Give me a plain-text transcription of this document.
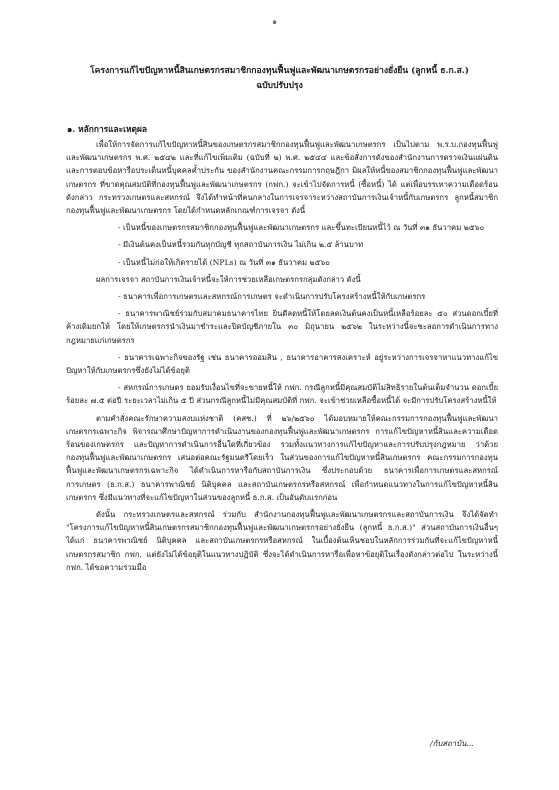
๑
โครงการแก้ไขปัญหาหนี้สินเกษตรกรสมาชิกกองทุนฟื้นฟูและพัฒนาเกษตรกรอย่างยั่งยืน (ลูกหนี้ ธ.ก.ส.)
ฉบับปรับปรุง
๑. หลักการและเหตุผล

เพื่อให้การจัดการแก้ไขปัญหาหนี้สินของเกษตรกรสมาชิกกองทุนฟื้นฟูและพัฒนาเกษตรกร เป็นไปตาม พ.ร.บ.กองทุนฟื้นฟูและพัฒนาเกษตรกร พ.ศ. ๒๕๔๒ และที่แก้ไขเพิ่มเติม (ฉบับที่ ๒) พ.ศ. ๒๕๔๔ และข้อสั่งการดังของสำนักงานการตรวจเงินแผ่นดิน และการตอบข้อหารือประเด็นหนี้บุคคลค้ำประกัน ของสำนักงานคณะกรรมการกฤษฎีกา มิผลให้หนี้ของสมาชิกกองทุนฟื้นฟูและพัฒนาเกษตรกร ที่ขาดคุณสมบัติที่กองทุนฟื้นฟูและพัฒนาเกษตรกร (กฟก.) จะเข้าไปจัดการหนี้ (ซื้อหนี้) ได้ แต่เพื่อบรรเทาความเดือดร้อนดังกล่าว กระทรวงเกษตรและสหกรณ์ จึงได้ทำหน้าที่คนกลางในการเจรจาระหว่างสถาบันการเงินเจ้าหนี้กับเกษตรกร ลูกหนี้สมาชิกกองทุนฟื้นฟูและพัฒนาเกษตรกร โดยได้กำหนดหลักเกณฑ์การเจรจา ดังนี้

- เป็นหนี้ของเกษตรกรสมาชิกกองทุนฟื้นฟูและพัฒนาเกษตรกร และขึ้นทะเบียนหนี้ไว้ ณ วันที่ ๓๑ ธันวาคม ๒๕๖๐

- มีเงินต้นคงเป็นหนี้รวมกันทุกบัญชี ทุกสถาบันการเงิน ไม่เกิน ๒.๕ ล้านบาท

- เป็นหนี้ไม่ก่อให้เกิดรายได้ (NPLs) ณ วันที่ ๓๑ ธันวาคม ๒๕๖๐

ผลการเจรจา สถาบันการเงินเจ้าหนี้จะให้การช่วยเหลือเกษตรกรกลุ่มดังกล่าว ดังนี้

- ธนาคารเพื่อการเกษตรและสหกรณ์การเกษตร จะดำเนินการปรับโครงสร้างหนี้ให้กับเกษตรกร

- ธนาคารพาณิชย์ร่วมกับสมาคมธนาคารไทย ยินดีลดหนี้ให้โดยลดเงินต้นคงเป็นหนี้เหลือร้อยละ ๕๐ ส่วนดอกเบี้ยที่ค้างเดิมยกให้ โดยให้เกษตรกรนำเงินมาชำระและปิดบัญชีภายใน ๓๐ มิถุนายน ๒๕๖๒ ในระหว่างนี้จะชะลอการดำเนินการทางกฎหมายแก่เกษตรกร

- ธนาคารเฉพาะกิจของรัฐ เช่น ธนาคารออมสิน , ธนาคารอาคารสงเคราะห์ อยู่ระหว่างการเจรจาหาแนวทางแก้ไขปัญหาให้กับเกษตรกรซึ่งยังไม่ได้ข้อยุติ

- สหกรณ์การเกษตร ยอมรับเงื่อนไขที่จะขายหนี้ให้ กฟก. กรณีลูกหนี้มีคุณสมบัติไม่สิทธิรายในต้นเต็มจำนวน ดอกเบี้ยร้อยละ ๗.๕ ต่อปี ระยะเวลาไม่เกิน ๕ ปี ส่วนกรณีลูกหนี้ไม่มีคุณสมบัติที่ กฟก. จะเข้าช่วยเหลือซื้อหนี้ได้ จะมีการปรับโครงสร้างหนี้ให้

ตามคำสั่งคณะรักษาความสงบแห่งชาติ (คสช.) ที่ ๒๖/๒๕๖๐ ได้มอบหมายให้คณะกรรมการกองทุนฟื้นฟูและพัฒนาเกษตรกรเฉพาะกิจ พิจารณาศึกษาปัญหาการดำเนินงานของกองทุนฟื้นฟูและพัฒนาเกษตรกร การแก้ไขปัญหาหนี้สินและความเดือดร้อนของเกษตรกร และปัญหาการดำเนินการอื่นใดที่เกี่ยวข้อง รวมทั้งแนวทางการแก้ไขปัญหาและการปรับปรุงกฎหมาย ว่าด้วยกองทุนฟื้นฟูและพัฒนาเกษตรกร เสนอต่อคณะรัฐมนตรีโดยเร็ว ในส่วนของการแก้ไขปัญหาหนี้สินเกษตรกร คณะกรรมการกองทุนฟื้นฟูและพัฒนาเกษตรกรเฉพาะกิจ ได้ดำเนินการหารือกับสถาบันการเงิน ซึ่งประกอบด้วย ธนาคารเพื่อการเกษตรและสหกรณ์การเกษตร (ธ.ก.ส.) ธนาคารพาณิชย์ นิติบุคคล และสถาบันเกษตรกรหรือสหกรณ์ เพื่อกำหนดแนวทางในการแก้ไขปัญหาหนี้สินเกษตรกร ซึ่งมีแนวทางที่จะแก้ไขปัญหาในส่วนของลูกหนี้ ธ.ก.ส. เป็นอันดับแรกก่อน

ดังนั้น กระทรวงเกษตรและสหกรณ์ ร่วมกับ สำนักงานกองทุนฟื้นฟูและพัฒนาเกษตรกรและสถาบันการเงิน จึงได้จัดทำ "โครงการแก้ไขปัญหาหนี้สินเกษตรกรสมาชิกกองทุนฟื้นฟูและพัฒนาเกษตรกรอย่างยั่งยืน (ลูกหนี้ ธ.ก.ส.)" ส่วนสถาบันการเงินอื่นๆ ได้แก่ ธนาคารพาณิชย์ นิติบุคคล และสถาบันเกษตรกรหรือสหกรณ์ ในเบื้องต้นเห็นชอบในหลักการร่วมกันที่จะแก้ไขปัญหาหนี้เกษตรกรสมาชิก กฟก. แต่ยังไม่ได้ข้อยุติในแนวทางปฏิบัติ ซึ่งจะได้ดำเนินการหารือเพื่อหาข้อยุติในเรื่องดังกล่าวต่อไป ในระหว่างนี้ กฟก. ได้ขอความร่วมมือ

/กับสถาบัน...
